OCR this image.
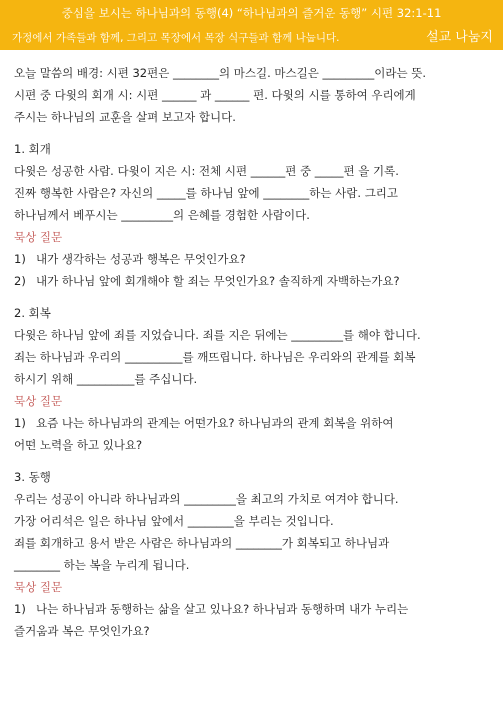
중심을 보시는 하나님과의 동행(4) “하나님과의 즐거운 동행” 시편 32:1-11
가정에서 가족들과 함께, 그리고 목장에서 목장 식구들과 함께 나눕니다.	설교 나눔지

오늘 말씀의 배경: 시편 32편은 ________의 마스길. 마스길은 _________이라는 뜻.

시편 중 다윗의 회개 시: 시편 ______ 과 ______ 편. 다윗의 시를 통하여 우리에게

주시는 하나님의 교훈을 살펴 보고자 합니다.

1. 회개

다윗은 성공한 사람. 다윗이 지은 시: 전체 시편 ______편 중 _____편 을 기록.

진짜 행복한 사람은? 자신의 _____를 하나님 앞에 ________하는 사람. 그리고

하나님께서 베푸시는 _________의 은혜를 경험한 사람이다.

묵상 질문

1) 내가 생각하는 성공과 행복은 무엇인가요?

2) 내가 하나님 앞에 회개해야 할 죄는 무엇인가요? 솔직하게 자백하는가요?

2. 회복

다윗은 하나님 앞에 죄를 지었습니다. 죄를 지은 뒤에는 _________를 해야 합니다.

죄는 하나님과 우리의 __________를 깨뜨립니다. 하나님은 우리와의 관계를 회복

하시기 위해 __________를 주십니다.

묵상 질문

1) 요즘 나는 하나님과의 관계는 어떤가요? 하나님과의 관계 회복을 위하여

어떤 노력을 하고 있나요?

3. 동행

우리는 성공이 아니라 하나님과의 _________을 최고의 가치로 여겨야 합니다.

가장 어리석은 일은 하나님 앞에서 ________을 부리는 것입니다.

죄를 회개하고 용서 받은 사람은 하나님과의 ________가 회복되고 하나님과

________ 하는 복을 누리게 됩니다.

묵상 질문

1) 나는 하나님과 동행하는 삶을 살고 있나요? 하나님과 동행하며 내가 누리는

즐거움과 복은 무엇인가요?
